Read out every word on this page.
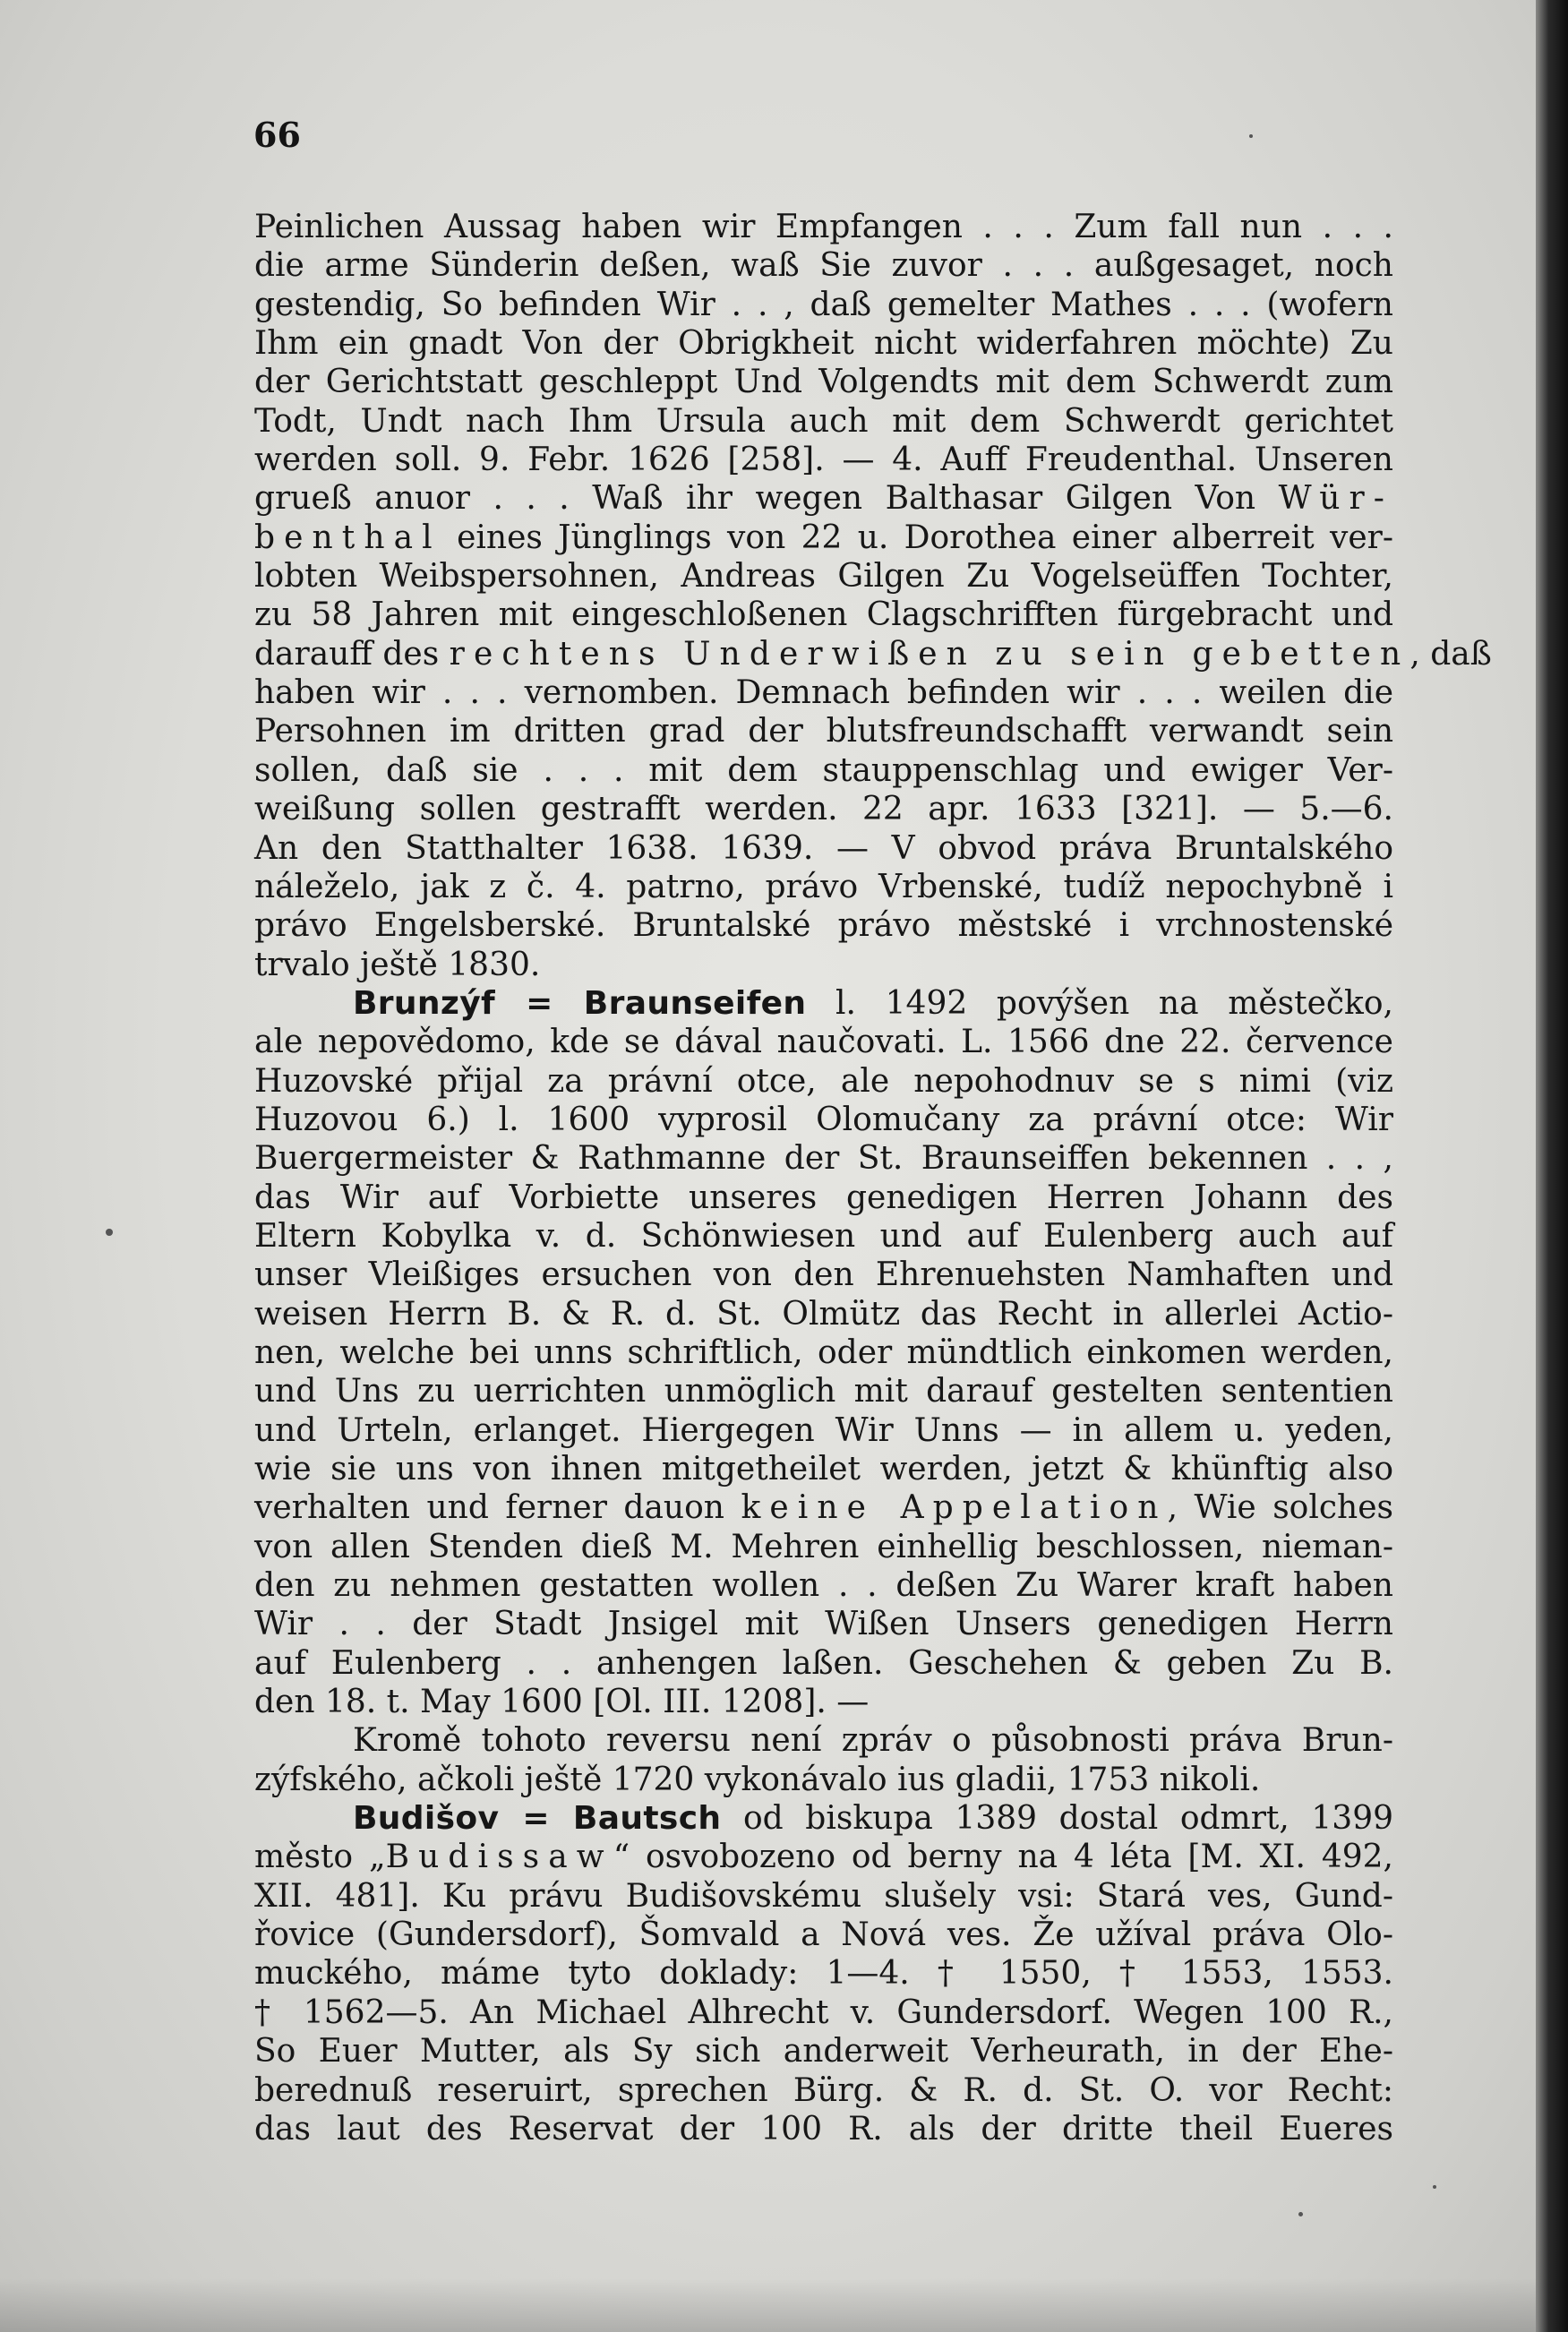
66
Peinlichen Aussag haben wir Empfangen . . . Zum fall nun . . .
die arme Sünderin deßen, waß Sie zuvor . . . außgesaget, noch
gestendig, So befinden Wir . . , daß gemelter Mathes . . . (wofern
Ihm ein gnadt Von der Obrigkheit nicht widerfahren möchte) Zu
der Gerichtstatt geschleppt Und Volgendts mit dem Schwerdt zum
Todt, Undt nach Ihm Ursula auch mit dem Schwerdt gerichtet
werden soll. 9. Febr. 1626 [258]. — 4. Auff Freudenthal. Unseren
grueß anuor . . . Waß ihr wegen Balthasar Gilgen Von Wür-
benthal eines Jünglings von 22 u. Dorothea einer alberreit ver-
lobten Weibspersohnen, Andreas Gilgen Zu Vogelseüffen Tochter,
zu 58 Jahren mit eingeschloßenen Clagschrifften fürgebracht und
darauff des rechtens Underwißen zu sein gebetten, daß
haben wir . . . vernomben. Demnach befinden wir . . . weilen die
Persohnen im dritten grad der blutsfreundschafft verwandt sein
sollen, daß sie . . . mit dem stauppenschlag und ewiger Ver-
weißung sollen gestrafft werden. 22 apr. 1633 [321]. — 5.—6.
An den Statthalter 1638. 1639. — V obvod práva Bruntalského
náleželo, jak z č. 4. patrno, právo Vrbenské, tudíž nepochybně i
právo Engelsberské. Bruntalské právo městské i vrchnostenské
trvalo ještě 1830.
Brunzýf = Braunseifen l. 1492 povýšen na městečko,
ale nepovědomo, kde se dával naučovati. L. 1566 dne 22. července
Huzovské přijal za právní otce, ale nepohodnuv se s nimi (viz
Huzovou 6.) l. 1600 vyprosil Olomučany za právní otce: Wir
Buergermeister & Rathmanne der St. Braunseiffen bekennen . . ,
das Wir auf Vorbiette unseres genedigen Herren Johann des
Eltern Kobylka v. d. Schönwiesen und auf Eulenberg auch auf
unser Vleißiges ersuchen von den Ehrenuehsten Namhaften und
weisen Herrn B. & R. d. St. Olmütz das Recht in allerlei Actio-
nen, welche bei unns schriftlich, oder mündtlich einkomen werden,
und Uns zu uerrichten unmöglich mit darauf gestelten sententien
und Urteln, erlanget. Hiergegen Wir Unns — in allem u. yeden,
wie sie uns von ihnen mitgetheilet werden, jetzt & khünftig also
verhalten und ferner dauon keine Appelation, Wie solches
von allen Stenden dieß M. Mehren einhellig beschlossen, nieman-
den zu nehmen gestatten wollen . . deßen Zu Warer kraft haben
Wir . . der Stadt Jnsigel mit Wißen Unsers genedigen Herrn
auf Eulenberg . . anhengen laßen. Geschehen & geben Zu B.
den 18. t. May 1600 [Ol. III. 1208]. —
Kromě tohoto reversu není zpráv o působnosti práva Brun-
zýfského, ačkoli ještě 1720 vykonávalo ius gladii, 1753 nikoli.
Budišov = Bautsch od biskupa 1389 dostal odmrt, 1399
město „Budissaw“ osvobozeno od berny na 4 léta [M. XI. 492,
XII. 481]. Ku právu Budišovskému slušely vsi: Stará ves, Gund-
řovice (Gundersdorf), Šomvald a Nová ves. Že užíval práva Olo-
muckého, máme tyto doklady: 1—4. † 1550, † 1553, 1553.
† 1562—5. An Michael Alhrecht v. Gundersdorf. Wegen 100 R.,
So Euer Mutter, als Sy sich anderweit Verheurath, in der Ehe-
berednuß reseruirt, sprechen Bürg. & R. d. St. O. vor Recht:
das laut des Reservat der 100 R. als der dritte theil Eueres
